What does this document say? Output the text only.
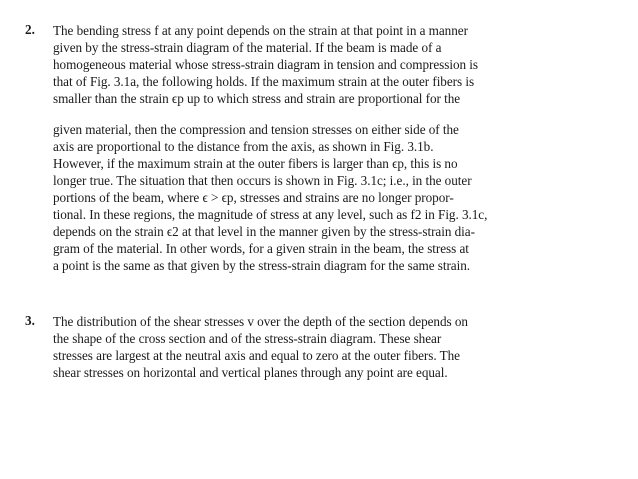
2. The bending stress f at any point depends on the strain at that point in a manner
given by the stress-strain diagram of the material. If the beam is made of a
homogeneous material whose stress-strain diagram in tension and compression is
that of Fig. 3.1a, the following holds. If the maximum strain at the outer fibers is
smaller than the strain ϵp up to which stress and strain are proportional for the
given material, then the compression and tension stresses on either side of the
axis are proportional to the distance from the axis, as shown in Fig. 3.1b.
However, if the maximum strain at the outer fibers is larger than ϵp, this is no
longer true. The situation that then occurs is shown in Fig. 3.1c; i.e., in the outer
portions of the beam, where ϵ > ϵp, stresses and strains are no longer propor-
tional. In these regions, the magnitude of stress at any level, such as f2 in Fig. 3.1c,
depends on the strain ϵ2 at that level in the manner given by the stress-strain dia-
gram of the material. In other words, for a given strain in the beam, the stress at
a point is the same as that given by the stress-strain diagram for the same strain.
3. The distribution of the shear stresses v over the depth of the section depends on
the shape of the cross section and of the stress-strain diagram. These shear
stresses are largest at the neutral axis and equal to zero at the outer fibers. The
shear stresses on horizontal and vertical planes through any point are equal.
